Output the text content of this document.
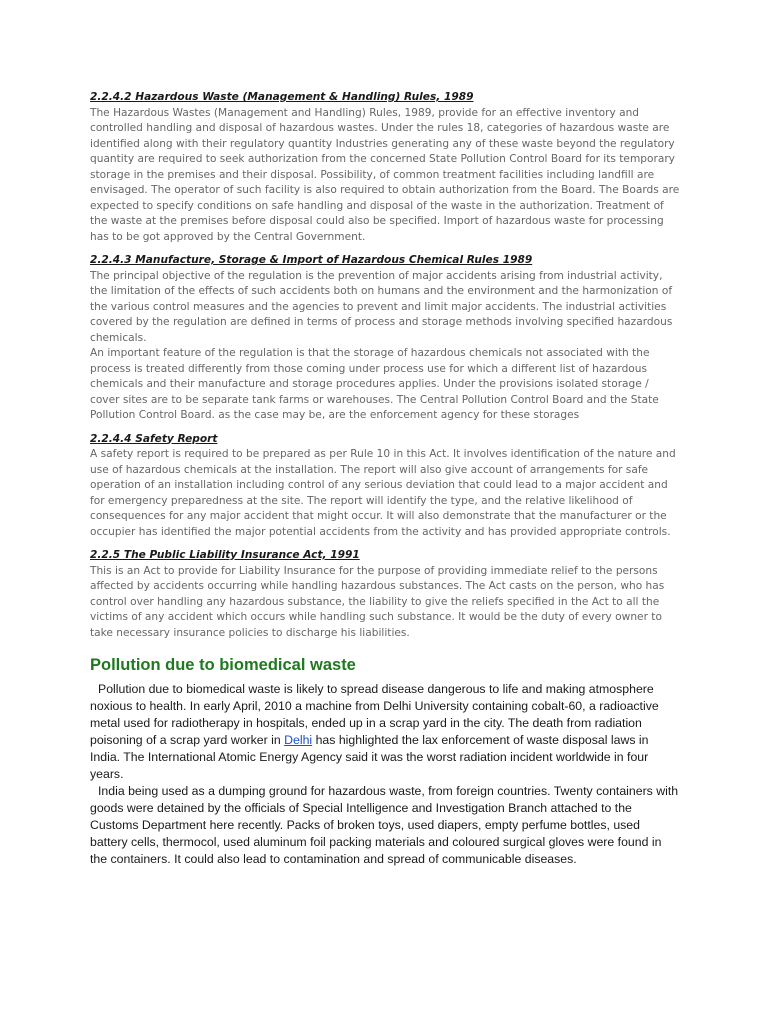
2.2.4.2 Hazardous Waste (Management & Handling) Rules, 1989

The Hazardous Wastes (Management and Handling) Rules, 1989, provide for an effective inventory and controlled handling and disposal of hazardous wastes. Under the rules 18, categories of hazardous waste are identified along with their regulatory quantity Industries generating any of these waste beyond the regulatory quantity are required to seek authorization from the concerned State Pollution Control Board for its temporary storage in the premises and their disposal. Possibility, of common treatment facilities including landfill are envisaged. The operator of such facility is also required to obtain authorization from the Board. The Boards are expected to specify conditions on safe handling and disposal of the waste in the authorization. Treatment of the waste at the premises before disposal could also be specified. Import of hazardous waste for processing has to be got approved by the Central Government.

2.2.4.3 Manufacture, Storage & Import of Hazardous Chemical Rules 1989

The principal objective of the regulation is the prevention of major accidents arising from industrial activity, the limitation of the effects of such accidents both on humans and the environment and the harmonization of the various control measures and the agencies to prevent and limit major accidents. The industrial activities covered by the regulation are defined in terms of process and storage methods involving specified hazardous chemicals.

An important feature of the regulation is that the storage of hazardous chemicals not associated with the process is treated differently from those coming under process use for which a different list of hazardous chemicals and their manufacture and storage procedures applies. Under the provisions isolated storage / cover sites are to be separate tank farms or warehouses. The Central Pollution Control Board and the State Pollution Control Board. as the case may be, are the enforcement agency for these storages

2.2.4.4 Safety Report

A safety report is required to be prepared as per Rule 10 in this Act. It involves identification of the nature and use of hazardous chemicals at the installation. The report will also give account of arrangements for safe operation of an installation including control of any serious deviation that could lead to a major accident and for emergency preparedness at the site. The report will identify the type, and the relative likelihood of consequences for any major accident that might occur. It will also demonstrate that the manufacturer or the occupier has identified the major potential accidents from the activity and has provided appropriate controls.

2.2.5 The Public Liability Insurance Act, 1991

This is an Act to provide for Liability Insurance for the purpose of providing immediate relief to the persons affected by accidents occurring while handling hazardous substances. The Act casts on the person, who has control over handling any hazardous substance, the liability to give the reliefs specified in the Act to all the victims of any accident which occurs while handling such substance. It would be the duty of every owner to take necessary insurance policies to discharge his liabilities.

Pollution due to biomedical waste

Pollution due to biomedical waste is likely to spread disease dangerous to life and making atmosphere noxious to health. In early April, 2010 a machine from Delhi University containing cobalt-60, a radioactive metal used for radiotherapy in hospitals, ended up in a scrap yard in the city. The death from radiation poisoning of a scrap yard worker in Delhi has highlighted the lax enforcement of waste disposal laws in India. The International Atomic Energy Agency said it was the worst radiation incident worldwide in four years.

India being used as a dumping ground for hazardous waste, from foreign countries. Twenty containers with goods were detained by the officials of Special Intelligence and Investigation Branch attached to the Customs Department here recently. Packs of broken toys, used diapers, empty perfume bottles, used battery cells, thermocol, used aluminum foil packing materials and coloured surgical gloves were found in the containers. It could also lead to contamination and spread of communicable diseases.
